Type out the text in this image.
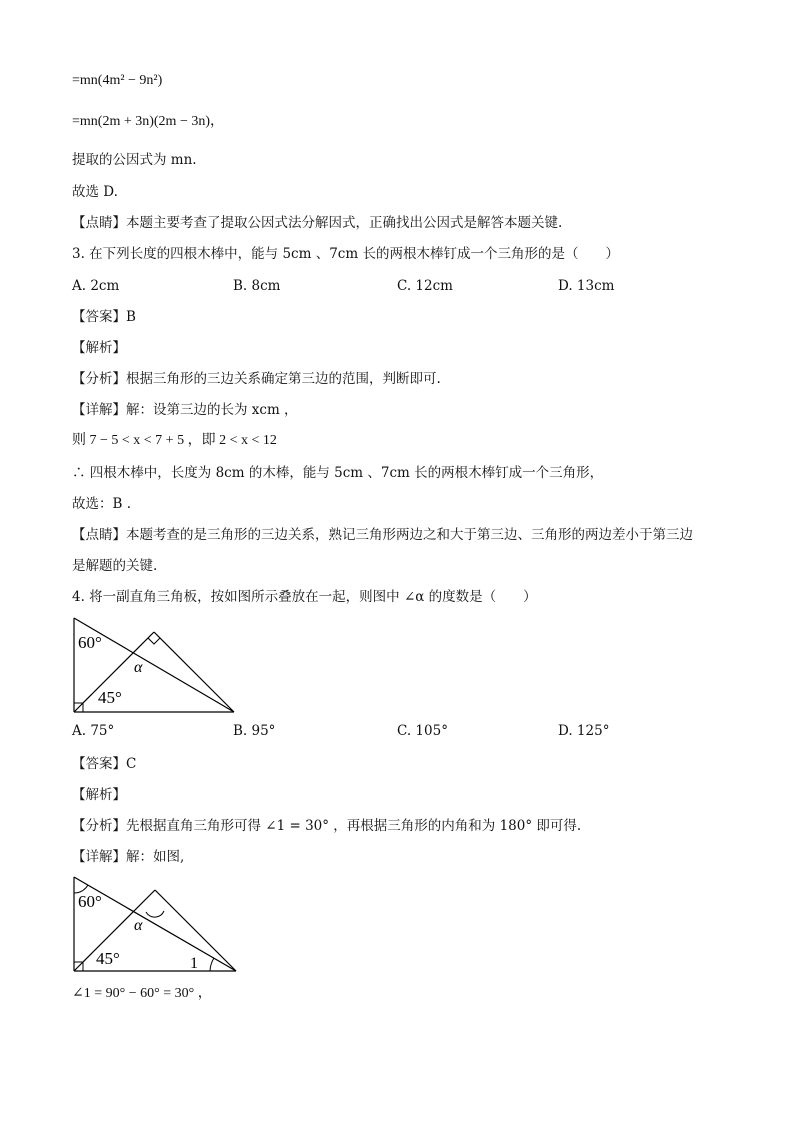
=mn(4m² − 9n²)
=mn(2m + 3n)(2m − 3n)，
提取的公因式为 mn.
故选 D.
【点睛】本题主要考查了提取公因式法分解因式，正确找出公因式是解答本题关键.
3. 在下列长度的四根木棒中，能与 5cm 、7cm 长的两根木棒钉成一个三角形的是（　　）
A. 2cm	B. 8cm	C. 12cm	D. 13cm
【答案】B
【解析】
【分析】根据三角形的三边关系确定第三边的范围，判断即可.
【详解】解：设第三边的长为 xcm ，
则 7 − 5 < x < 7 + 5 ，即 2 < x < 12
∴ 四根木棒中，长度为 8cm 的木棒，能与 5cm 、7cm 长的两根木棒钉成一个三角形，
故选：B .
【点睛】本题考查的是三角形的三边关系，熟记三角形两边之和大于第三边、三角形的两边差小于第三边
是解题的关键.
4. 将一副直角三角板，按如图所示叠放在一起，则图中 ∠α 的度数是（　　）
60°
α
45°
A. 75°	B. 95°	C. 105°	D. 125°
【答案】C
【解析】
【分析】先根据直角三角形可得 ∠1 = 30° ，再根据三角形的内角和为 180° 即可得.
【详解】解：如图,
60°
α
45°	1
∠1 = 90° − 60° = 30° ，
